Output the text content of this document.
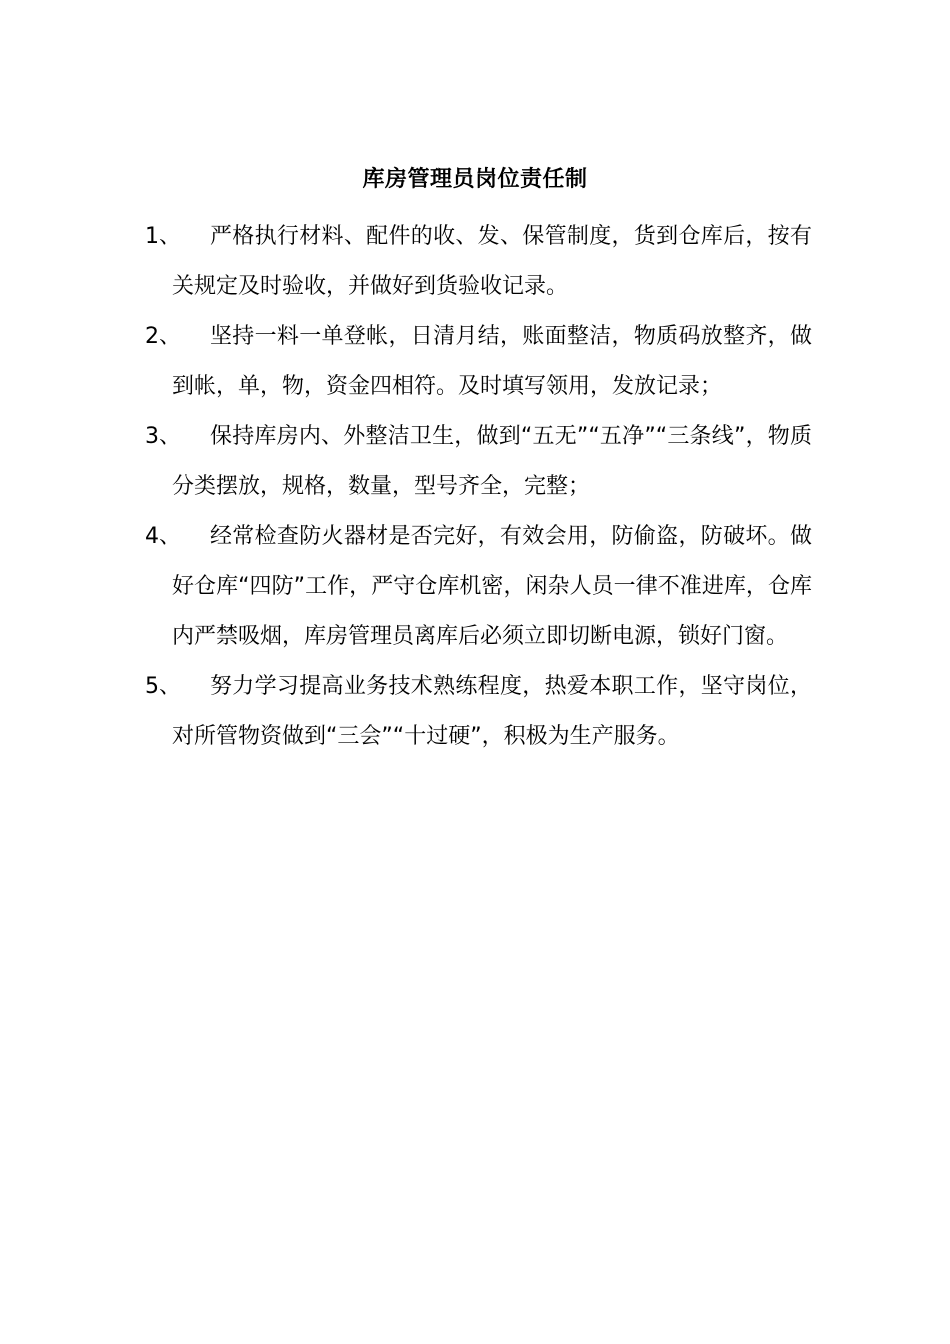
库房管理员岗位责任制
1、	严格执行材料、配件的收、发、保管制度，货到仓库后，按有关规定及时验收，并做好到货验收记录。
2、	坚持一料一单登帐，日清月结，账面整洁，物质码放整齐，做到帐，单，物，资金四相符。及时填写领用，发放记录；
3、	保持库房内、外整洁卫生，做到“五无”“五净”“三条线”，物质分类摆放，规格，数量，型号齐全，完整；
4、	经常检查防火器材是否完好，有效会用，防偷盗，防破坏。做好仓库“四防”工作，严守仓库机密，闲杂人员一律不准进库，仓库内严禁吸烟，库房管理员离库后必须立即切断电源，锁好门窗。
5、	努力学习提高业务技术熟练程度，热爱本职工作，坚守岗位，对所管物资做到“三会”“十过硬”，积极为生产服务。
